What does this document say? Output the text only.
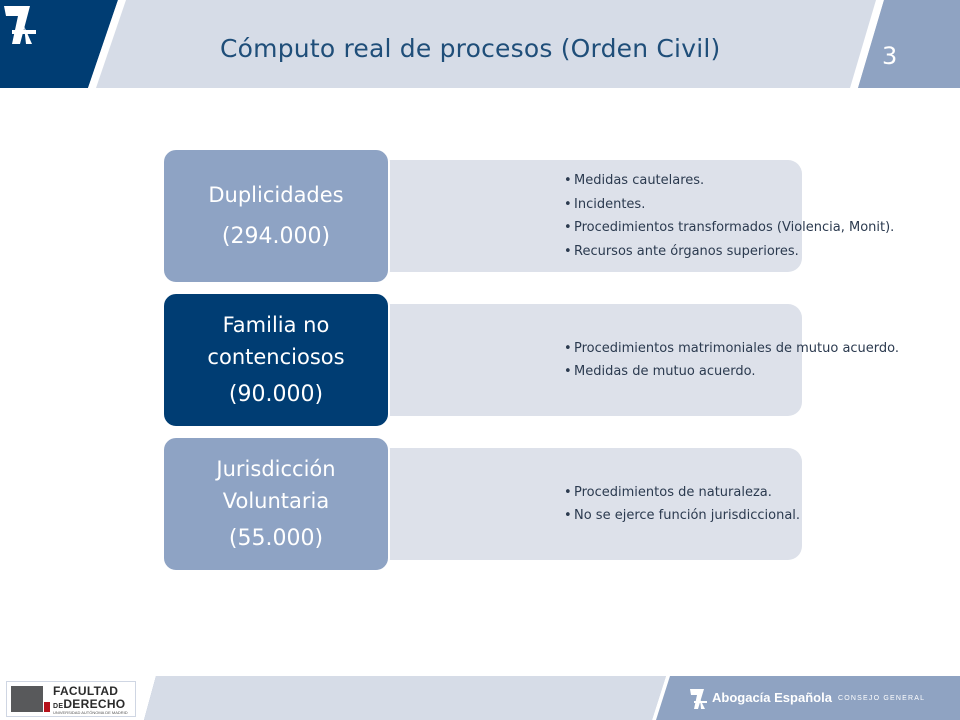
Cómputo real de procesos (Orden Civil)	3
• Medidas cautelares.
• Incidentes.
• Procedimientos transformados (Violencia, Monit).
• Recursos ante órganos superiores.
Duplicidades
(294.000)
• Procedimientos matrimoniales de mutuo acuerdo.
• Medidas de mutuo acuerdo.
Familia no
contenciosos
(90.000)
• Procedimientos de naturaleza.
• No se ejerce función jurisdiccional.
Jurisdicción
Voluntaria
(55.000)
FACULTAD
DEDERECHO
UNIVERSIDAD AUTÓNOMA DE MADRID
Abogacía Española CONSEJO GENERAL
